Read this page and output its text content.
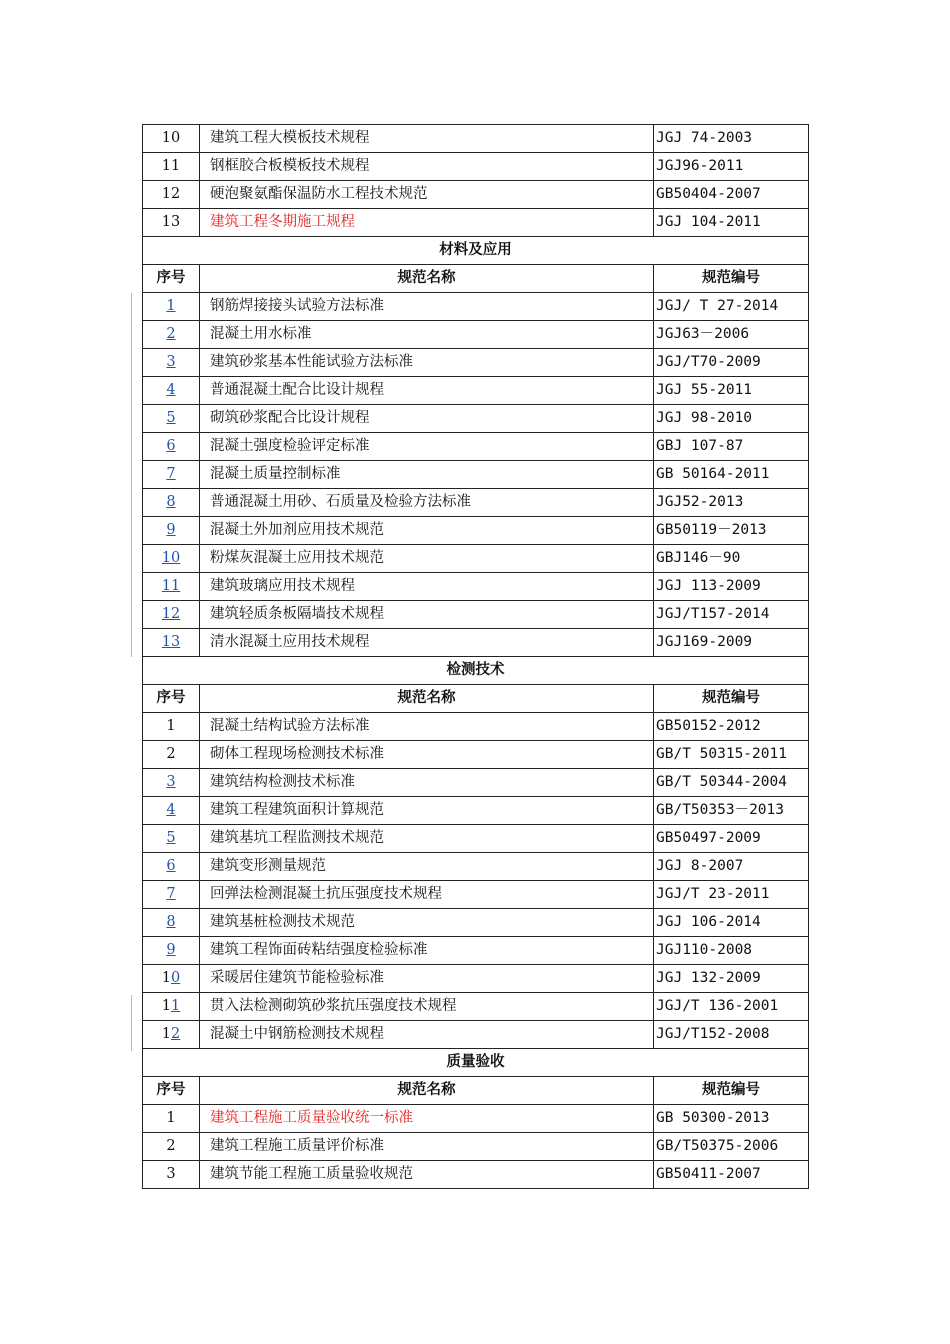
10	建筑工程大模板技术规程	JGJ 74-2003
11	钢框胶合板模板技术规程	JGJ96-2011
12	硬泡聚氨酯保温防水工程技术规范	GB50404-2007
13	建筑工程冬期施工规程	JGJ 104-2011
材料及应用		
序号	规范名称	规范编号
1	钢筋焊接接头试验方法标准	JGJ/ T 27-2014
2	混凝土用水标准	JGJ63－2006
3	建筑砂浆基本性能试验方法标准	JGJ/T70-2009
4	普通混凝土配合比设计规程	JGJ 55-2011
5	砌筑砂浆配合比设计规程	JGJ 98-2010
6	混凝土强度检验评定标准	GBJ 107-87
7	混凝土质量控制标准	GB 50164-2011
8	普通混凝土用砂、石质量及检验方法标准	JGJ52-2013
9	混凝土外加剂应用技术规范	GB50119－2013
10	粉煤灰混凝土应用技术规范	GBJ146－90
11	建筑玻璃应用技术规程	JGJ 113-2009
12	建筑轻质条板隔墙技术规程	JGJ/T157-2014
13	清水混凝土应用技术规程	JGJ169-2009
检测技术		
序号	规范名称	规范编号
1	混凝土结构试验方法标准	GB50152-2012
2	砌体工程现场检测技术标准	GB/T 50315-2011
3	建筑结构检测技术标准	GB/T 50344-2004
4	建筑工程建筑面积计算规范	GB/T50353－2013
5	建筑基坑工程监测技术规范	GB50497-2009
6	建筑变形测量规范	JGJ 8-2007
7	回弹法检测混凝土抗压强度技术规程	JGJ/T 23-2011
8	建筑基桩检测技术规范	JGJ 106-2014
9	建筑工程饰面砖粘结强度检验标准	JGJ110-2008
10	采暖居住建筑节能检验标准	JGJ 132-2009
11	贯入法检测砌筑砂浆抗压强度技术规程	JGJ/T 136-2001
12	混凝土中钢筋检测技术规程	JGJ/T152-2008
质量验收		
序号	规范名称	规范编号
1	建筑工程施工质量验收统一标准	GB 50300-2013
2	建筑工程施工质量评价标准	GB/T50375-2006
3	建筑节能工程施工质量验收规范	GB50411-2007
